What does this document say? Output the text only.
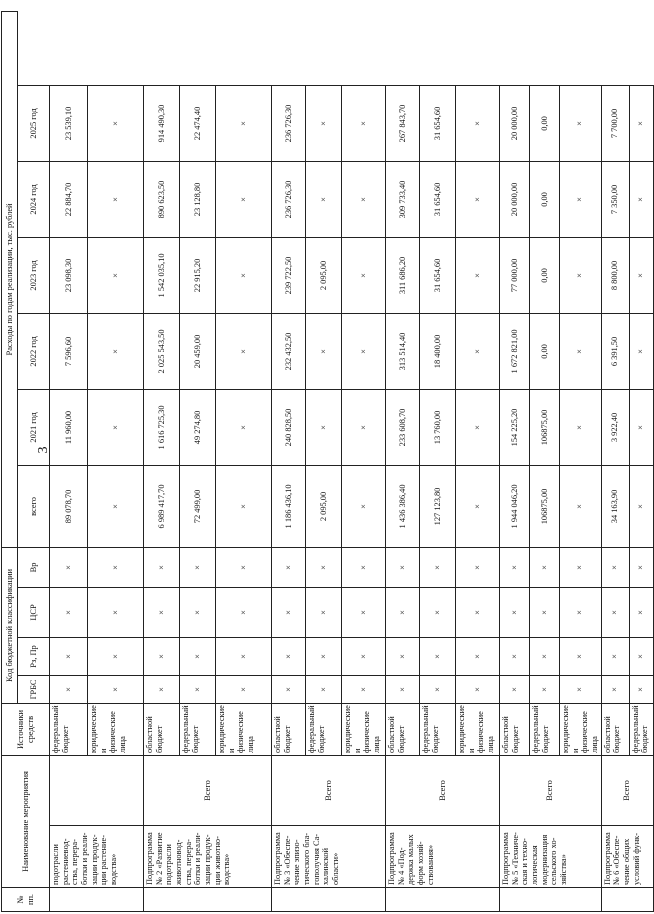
3
№ пп.	Наименование мероприятия		Источники средств	Код бюджетной классификации				Расходы по годам реализации, тыс. рублей					
				ГРБС	Рз, Пр	ЦСР	Вр	всего	2021 год	2022 год	2023 год	2024 год	2025 год

	подотрасли растениевод-ства, перера-ботки и реали-зации продук-ции растение-водства»		федеральный бюджет	×	×	×	×	89 078,70	11 960,00	7 596,60	23 098,30	22 884,70	23 539,10
			юридические и физические лица	×	×	×	×	×	×	×	×	×	×
	Подпрограмма № 2 «Развитие подотрасли животновод-ства, перера-ботки и реали-зации продук-ции животно-водства»	Всего	областной бюджет	×	×	×	×	6 989 417,70	1 616 725,30	2 025 543,50	1 542 035,10	890 623,50	914 490,30
			федеральный бюджет	×	×	×	×	72 499,00	49 274,80	20 459,00	22 915,20	23 128,80	22 474,40
			юридические и физические лица	×	×	×	×	×	×	×	×	×	×
	Подпрограмма № 3 «Обеспе-чение эпизо-тического бла-гополучия Са-халинской области»	Всего	областной бюджет	×	×	×	×	1 186 436,10	240 828,50	232 432,50	239 722,50	236 726,30	236 726,30
			федеральный бюджет	×	×	×	×	2 095,00	×	×	2 095,00	×	×
			юридические и физические лица	×	×	×	×	×	×	×	×	×	×
	Подпрограмма № 4 «Под-держка малых форм хозяй-ствования»	Всего	областной бюджет	×	×	×	×	1 436 386,40	233 608,70	313 514,40	311 686,20	309 733,40	267 843,70
			федеральный бюджет	×	×	×	×	127 123,80	13 760,00	18 400,00	31 654,60	31 654,60	31 654,60
			юридические и физические лица	×	×	×	×	×	×	×	×	×	×
	Подпрограмма № 5 «Техниче-ская и техно-логическая модернизация сельского хо-зяйства»	Всего	областной бюджет	×	×	×	×	1 944 046,20	154 225,20	1 672 821,00	77 000,00	20 000,00	20 000,00
			федеральный бюджет	×	×	×	×	106875,00	106875,00	0,00	0,00	0,00	0,00
			юридические и физические лица	×	×	×	×	×	×	×	×	×	×
	Подпрограмма № 6 «Обеспе-чение общих условий функ-	Всего	областной бюджет	×	×	×	×	34 163,90	3 922,40	6 391,50	8 800,00	7 350,00	7 700,00
			федеральный бюджет	×	×	×	×	×	×	×	×	×	×
